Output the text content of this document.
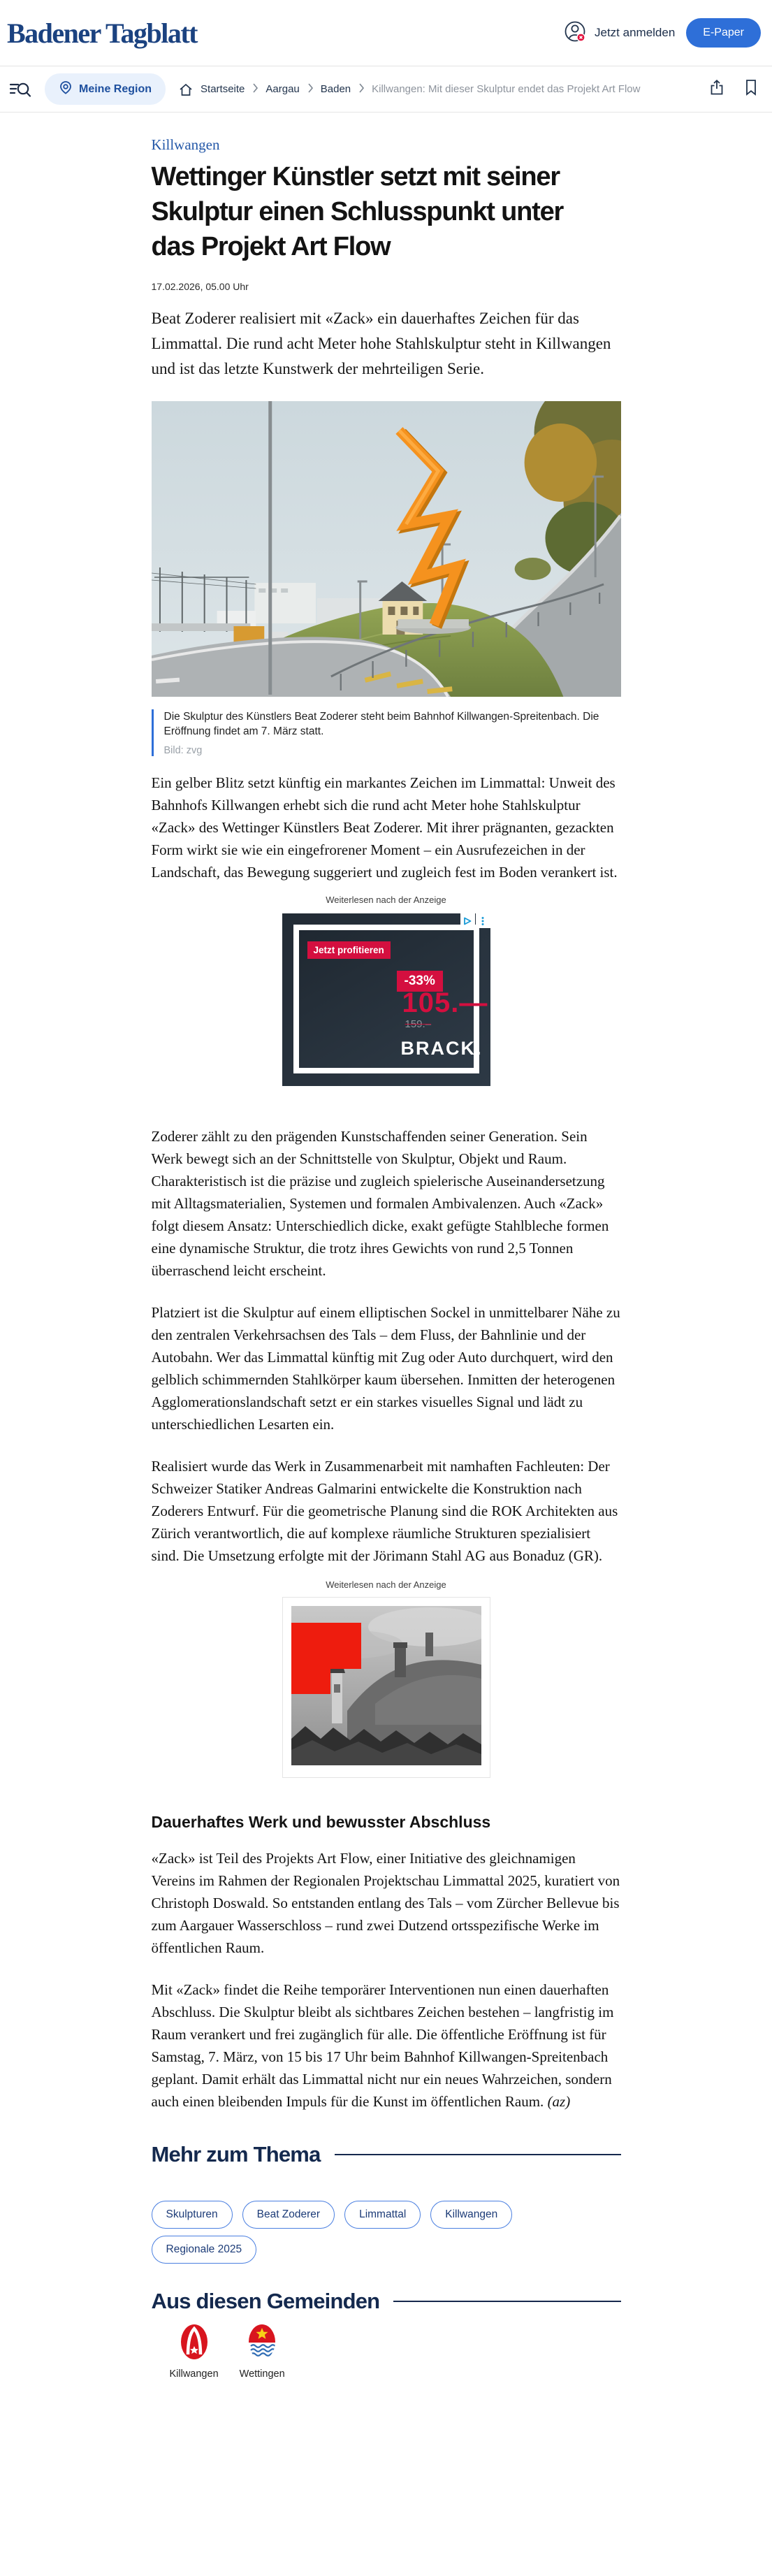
Badener Tagblatt	Jetzt anmelden	E-Paper
Meine Region	Startseite Aargau Baden Killwangen: Mit dieser Skulptur endet das Projekt Art Flow
Killwangen
Wettinger Künstler setzt mit seiner
Skulptur einen Schlusspunkt unter
das Projekt Art Flow
17.02.2026, 05.00 Uhr
Beat Zoderer realisiert mit «Zack» ein dauerhaftes Zeichen für das Limmattal. Die rund acht Meter hohe Stahlskulptur steht in Killwangen und ist das letzte Kunstwerk der mehrteiligen Serie.
Die Skulptur des Künstlers Beat Zoderer steht beim Bahnhof Killwangen-Spreitenbach. Die Eröffnung findet am 7. März statt.
Bild: zvg

Ein gelber Blitz setzt künftig ein markantes Zeichen im Limmattal: Unweit des Bahnhofs Killwangen erhebt sich die rund acht Meter hohe Stahlskulptur «Zack» des Wettinger Künstlers Beat Zoderer. Mit ihrer prägnanten, gezackten Form wirkt sie wie ein eingefrorener Moment – ein Ausrufezeichen in der Landschaft, das Bewegung suggeriert und zugleich fest im Boden verankert ist.

Weiterlesen nach der Anzeige
Jetzt profitieren
-33%
105.—
159.–
BRACK.

Zoderer zählt zu den prägenden Kunstschaffenden seiner Generation. Sein Werk bewegt sich an der Schnittstelle von Skulptur, Objekt und Raum. Charakteristisch ist die präzise und zugleich spielerische Auseinandersetzung mit Alltagsmaterialien, Systemen und formalen Ambivalenzen. Auch «Zack» folgt diesem Ansatz: Unterschiedlich dicke, exakt gefügte Stahlbleche formen eine dynamische Struktur, die trotz ihres Gewichts von rund 2,5 Tonnen überraschend leicht erscheint.

Platziert ist die Skulptur auf einem elliptischen Sockel in unmittelbarer Nähe zu den zentralen Verkehrsachsen des Tals – dem Fluss, der Bahnlinie und der Autobahn. Wer das Limmattal künftig mit Zug oder Auto durchquert, wird den gelblich schimmernden Stahlkörper kaum übersehen. Inmitten der heterogenen Agglomerationslandschaft setzt er ein starkes visuelles Signal und lädt zu unterschiedlichen Lesarten ein.

Realisiert wurde das Werk in Zusammenarbeit mit namhaften Fachleuten: Der Schweizer Statiker Andreas Galmarini entwickelte die Konstruktion nach Zoderers Entwurf. Für die geometrische Planung sind die ROK Architekten aus Zürich verantwortlich, die auf komplexe räumliche Strukturen spezialisiert sind. Die Umsetzung erfolgte mit der Jörimann Stahl AG aus Bonaduz (GR).

Weiterlesen nach der Anzeige
Dauerhaftes Werk und bewusster Abschluss

«Zack» ist Teil des Projekts Art Flow, einer Initiative des gleichnamigen Vereins im Rahmen der Regionalen Projektschau Limmattal 2025, kuratiert von Christoph Doswald. So entstanden entlang des Tals – vom Zürcher Bellevue bis zum Aargauer Wasserschloss – rund zwei Dutzend ortsspezifische Werke im öffentlichen Raum.

Mit «Zack» findet die Reihe temporärer Interventionen nun einen dauerhaften Abschluss. Die Skulptur bleibt als sichtbares Zeichen bestehen – langfristig im Raum verankert und frei zugänglich für alle. Die öffentliche Eröffnung ist für Samstag, 7. März, von 15 bis 17 Uhr beim Bahnhof Killwangen-Spreitenbach geplant. Damit erhält das Limmattal nicht nur ein neues Wahrzeichen, sondern auch einen bleibenden Impuls für die Kunst im öffentlichen Raum. (az)

Mehr zum Thema
Skulpturen	Beat Zoderer	Limmattal	Killwangen
Regionale 2025
Aus diesen Gemeinden
Killwangen Wettingen
